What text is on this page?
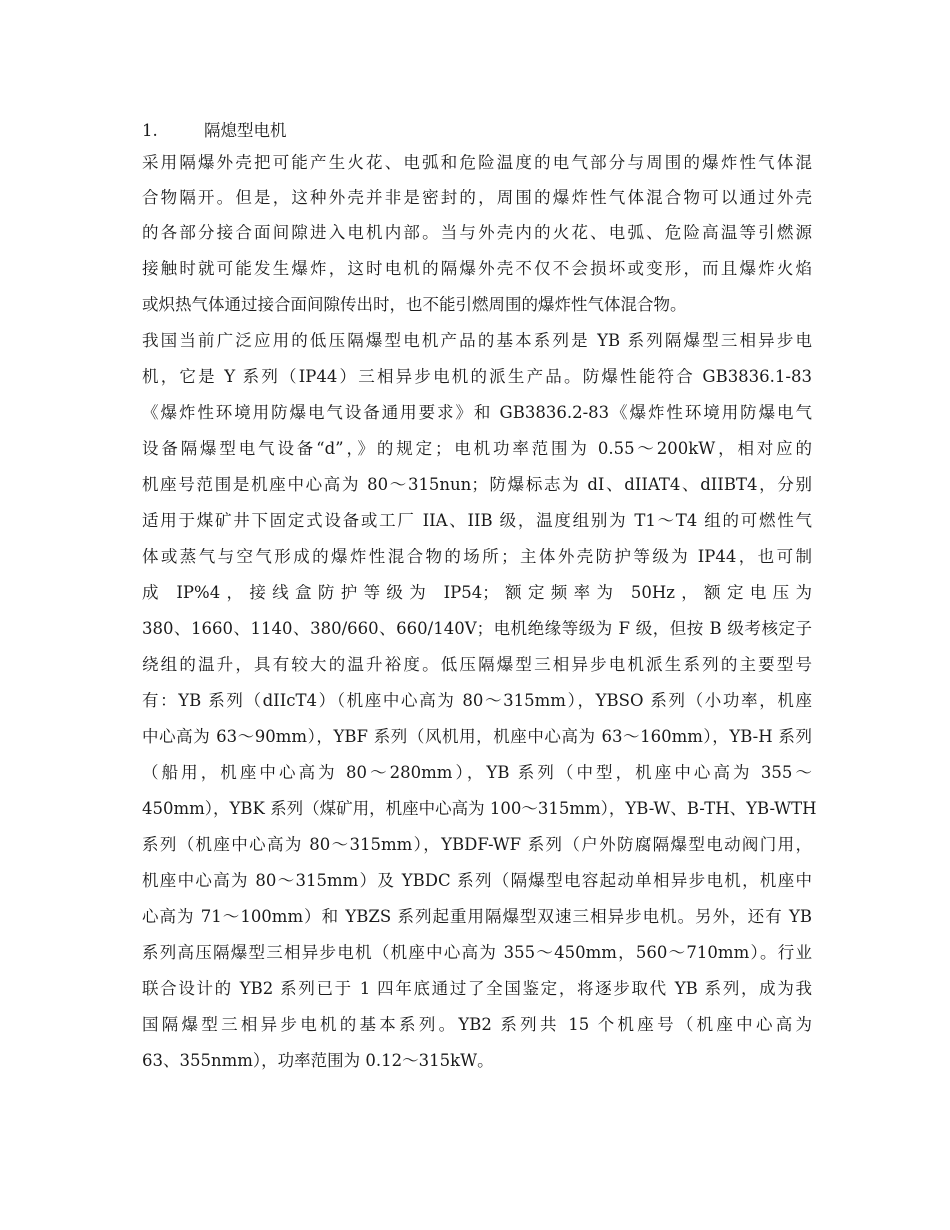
1.	隔熄型电机
采用隔爆外壳把可能产生火花、电弧和危险温度的电气部分与周围的爆炸性气体混
合物隔开。但是，这种外壳并非是密封的，周围的爆炸性气体混合物可以通过外壳
的各部分接合面间隙进入电机内部。当与外壳内的火花、电弧、危险高温等引燃源
接触时就可能发生爆炸，这时电机的隔爆外壳不仅不会损坏或变形，而且爆炸火焰
或炽热气体通过接合面间隙传出时，也不能引燃周围的爆炸性气体混合物。
我国当前广泛应用的低压隔爆型电机产品的基本系列是 YB 系列隔爆型三相异步电
机，它是 Y 系列（IP44）三相异步电机的派生产品。防爆性能符合 GB3836.1-83
《爆炸性环境用防爆电气设备通用要求》和 GB3836.2-83《爆炸性环境用防爆电气
设备隔爆型电气设备“d”，》的规定；电机功率范围为 0.55～200kW，相对应的
机座号范围是机座中心高为 80～315nun；防爆标志为 dI、dIIAT4、dIIBT4，分别
适用于煤矿井下固定式设备或工厂 IIA、IIB 级，温度组别为 T1～T4 组的可燃性气
体或蒸气与空气形成的爆炸性混合物的场所；主体外壳防护等级为 IP44，也可制
成 IP%4，接线盒防护等级为 IP54；额定频率为 50Hz，额定电压为
380、1660、1140、380/660、660/140V；电机绝缘等级为 F 级，但按 B 级考核定子
绕组的温升，具有较大的温升裕度。低压隔爆型三相异步电机派生系列的主要型号
有：YB 系列（dIIcT4）（机座中心高为 80～315mm），YBSO 系列（小功率，机座
中心高为 63～90mm），YBF 系列（风机用，机座中心高为 63～160mm），YB-H 系列
（船用，机座中心高为 80～280mm），YB 系列（中型，机座中心高为 355～
450mm），YBK 系列（煤矿用，机座中心高为 100～315mm），YB-W、B-TH、YB-WTH
系列（机座中心高为 80～315mm），YBDF-WF 系列（户外防腐隔爆型电动阀门用，
机座中心高为 80～315mm）及 YBDC 系列（隔爆型电容起动单相异步电机，机座中
心高为 71～100mm）和 YBZS 系列起重用隔爆型双速三相异步电机。另外，还有 YB
系列高压隔爆型三相异步电机（机座中心高为 355～450mm，560～710mm）。行业
联合设计的 YB2 系列已于 1 四年底通过了全国鉴定，将逐步取代 YB 系列，成为我
国隔爆型三相异步电机的基本系列。YB2 系列共 15 个机座号（机座中心高为
63、355nmm），功率范围为 0.12～315kW。
